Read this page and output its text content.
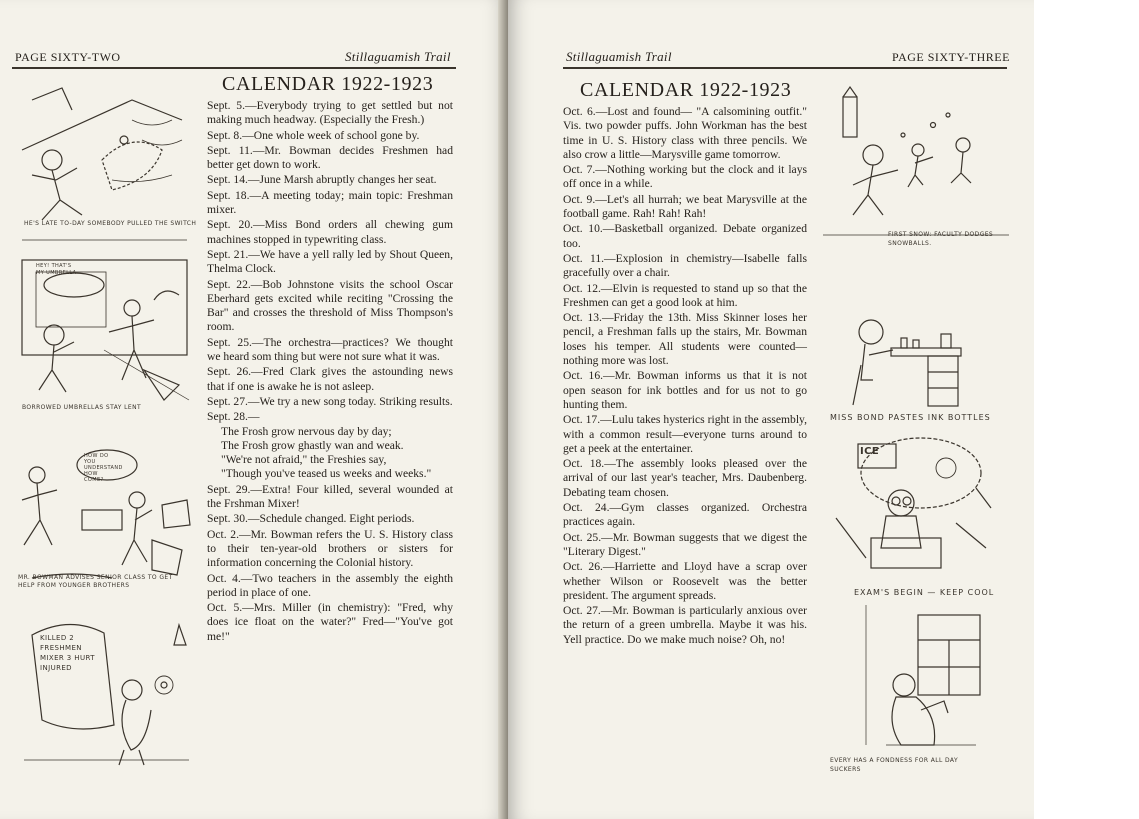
PAGE SIXTY-TWO	Stillaguamish Trail
CALENDAR 1922-1923
HE'S LATE TO-DAY SOMEBODY PULLED THE SWITCH
HEY! THAT'S MY UMBRELLA
BORROWED UMBRELLAS STAY LENT
HOW DO YOU UNDERSTAND HOW COME?
MR. BOWMAN ADVISES SENIOR CLASS TO GET HELP FROM YOUNGER BROTHERS
KILLED 2 FRESHMEN MIXER 3 HURT INJURED
Sept. 5.—Everybody trying to get settled but not making much headway. (Especially the Fresh.)
Sept. 8.—One whole week of school gone by.
Sept. 11.—Mr. Bowman decides Freshmen had better get down to work.
Sept. 14.—June Marsh abruptly changes her seat.
Sept. 18.—A meeting today; main topic: Freshman mixer.
Sept. 20.—Miss Bond orders all chewing gum machines stopped in typewriting class.
Sept. 21.—We have a yell rally led by Shout Queen, Thelma Clock.
Sept. 22.—Bob Johnstone visits the school Oscar Eberhard gets excited while reciting "Crossing the Bar" and crosses the threshold of Miss Thompson's room.
Sept. 25.—The orchestra—practices? We thought we heard som thing but were not sure what it was.
Sept. 26.—Fred Clark gives the astounding news that if one is awake he is not asleep.
Sept. 27.—We try a new song today. Striking results.
Sept. 28.—
The Frosh grow nervous day by day;
The Frosh grow ghastly wan and weak.
"We're not afraid," the Freshies say,
"Though you've teased us weeks and weeks."
Sept. 29.—Extra! Four killed, several wounded at the Frshman Mixer!
Sept. 30.—Schedule changed. Eight periods.
Oct. 2.—Mr. Bowman refers the U. S. History class to their ten-year-old brothers or sisters for information concerning the Colonial history.
Oct. 4.—Two teachers in the assembly the eighth period in place of one.
Oct. 5.—Mrs. Miller (in chemistry): "Fred, why does ice float on the water?" Fred—"You've got me!"
Stillaguamish Trail	PAGE SIXTY-THREE
CALENDAR 1922-1923
Oct. 6.—Lost and found— "A calsomining outfit." Vis. two powder puffs. John Workman has the best time in U. S. History class with three pencils. We also crow a little—Marysville game tomorrow.
Oct. 7.—Nothing working but the clock and it lays off once in a while.
Oct. 9.—Let's all hurrah; we beat Marysville at the football game. Rah! Rah! Rah!
Oct. 10.—Basketball organized. Debate organized too.
Oct. 11.—Explosion in chemistry—Isabelle falls gracefully over a chair.
Oct. 12.—Elvin is requested to stand up so that the Freshmen can get a good look at him.
Oct. 13.—Friday the 13th. Miss Skinner loses her pencil, a Freshman falls up the stairs, Mr. Bowman loses his temper. All students were counted—nothing more was lost.
Oct. 16.—Mr. Bowman informs us that it is not open season for ink bottles and for us not to go hunting them.
Oct. 17.—Lulu takes hysterics right in the assembly, with a common result—everyone turns around to get a peek at the entertainer.
Oct. 18.—The assembly looks pleased over the arrival of our last year's teacher, Mrs. Daubenberg. Debating team chosen.
Oct. 24.—Gym classes organized. Orchestra practices again.
Oct. 25.—Mr. Bowman suggests that we digest the "Literary Digest."
Oct. 26.—Harriette and Lloyd have a scrap over whether Wilson or Roosevelt was the better president. The argument spreads.
Oct. 27.—Mr. Bowman is particularly anxious over the return of a green umbrella. Maybe it was his. Yell practice. Do we make much noise? Oh, no!
FIRST SNOW: FACULTY DODGES SNOWBALLS.
MISS BOND PASTES INK BOTTLES
ICE
EXAM'S BEGIN — KEEP COOL
EVERY HAS A FONDNESS FOR ALL DAY SUCKERS
